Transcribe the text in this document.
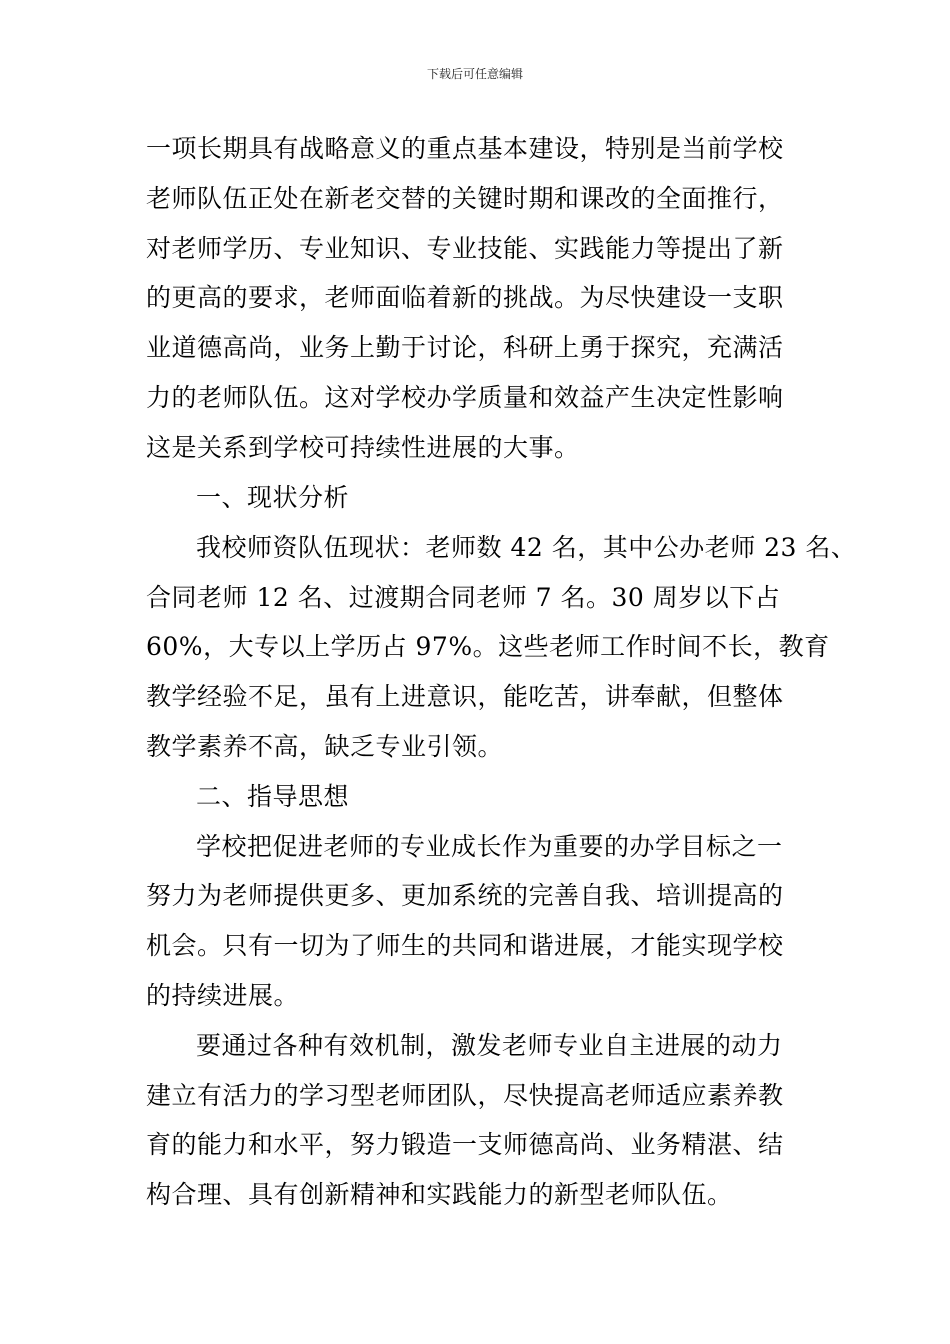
下载后可任意编辑
一项长期具有战略意义的重点基本建设，特别是当前学校
老师队伍正处在新老交替的关键时期和课改的全面推行，
对老师学历、专业知识、专业技能、实践能力等提出了新
的更高的要求，老师面临着新的挑战。为尽快建设一支职
业道德高尚，业务上勤于讨论，科研上勇于探究，充满活
力的老师队伍。这对学校办学质量和效益产生决定性影响
这是关系到学校可持续性进展的大事。
一、现状分析
我校师资队伍现状：老师数 42 名，其中公办老师 23 名、
合同老师 12 名、过渡期合同老师 7 名。30 周岁以下占
60%，大专以上学历占 97%。这些老师工作时间不长，教育
教学经验不足，虽有上进意识，能吃苦，讲奉献，但整体
教学素养不高，缺乏专业引领。
二、指导思想
学校把促进老师的专业成长作为重要的办学目标之一
努力为老师提供更多、更加系统的完善自我、培训提高的
机会。只有一切为了师生的共同和谐进展，才能实现学校
的持续进展。
要通过各种有效机制，激发老师专业自主进展的动力
建立有活力的学习型老师团队，尽快提高老师适应素养教
育的能力和水平，努力锻造一支师德高尚、业务精湛、结
构合理、具有创新精神和实践能力的新型老师队伍。
